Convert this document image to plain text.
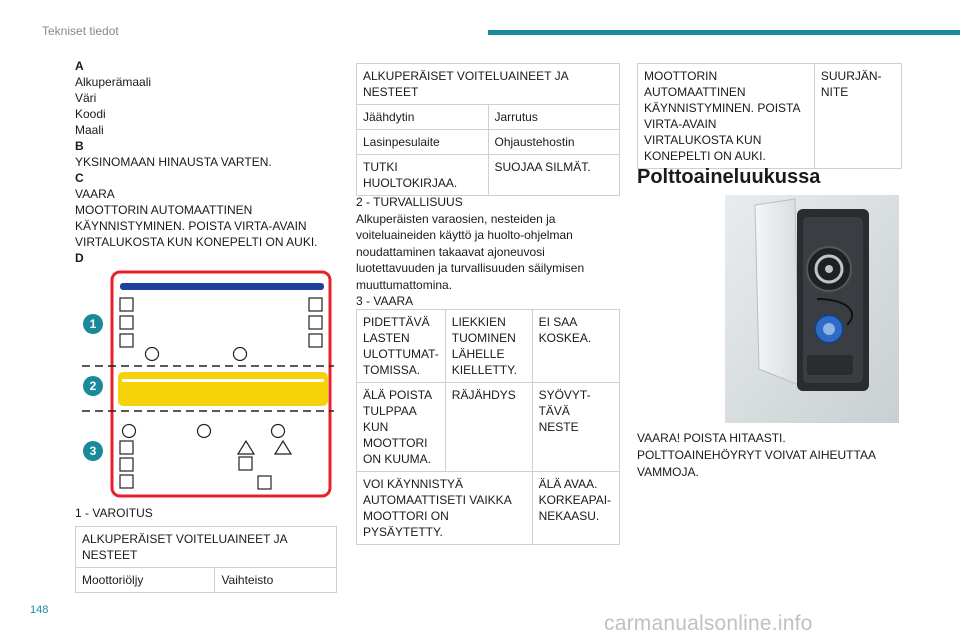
Tekniset tiedot
A
Alkuperämaali
Väri
Koodi
Maali
B
YKSINOMAAN HINAUSTA VARTEN.
C
VAARA
MOOTTORIN AUTOMAATTINEN
KÄYNNISTYMINEN. POISTA VIRTA-AVAIN
VIRTALUKOSTA KUN KONEPELTI ON AUKI.
D
1
2
3
1 - VAROITUS
ALKUPERÄISET VOITELUAINEET JA NESTEET
Moottoriöljy	Vaihteisto
ALKUPERÄISET VOITELUAINEET JA NESTEET	
Jäähdytin	Jarrutus
Lasinpesulaite	Ohjaustehostin
TUTKI HUOLTOKIRJAA.	SUOJAA SILMÄT.
2 - TURVALLISUUS
Alkuperäisten varaosien, nesteiden ja voiteluaineiden käyttö ja huolto-ohjelman noudattaminen takaavat ajoneuvosi luotettavuuden ja turvallisuuden säilymisen muuttumattomina.
3 - VAARA
PIDETTÄVÄ LASTEN ULOTTUMAT-TOMISSA.	LIEKKIEN TUOMINEN LÄHELLE KIELLETTY.	EI SAA KOSKEA.
ÄLÄ POISTA TULPPAA KUN MOOTTORI ON KUUMA.	RÄJÄHDYS	SYÖVYT-TÄVÄ NESTE
VOI KÄYNNISTYÄ AUTOMAATTISETI VAIKKA MOOTTORI ON PYSÄYTETTY.		ÄLÄ AVAA. KORKEAPAI-NEKAASU.
MOOTTORIN AUTOMAATTINEN KÄYNNISTYMINEN. POISTA VIRTA-AVAIN VIRTALUKOSTA KUN KONEPELTI ON AUKI.	SUURJÄN-NITE
Polttoaineluukussa
VAARA! POISTA HITAASTI. POLTTOAINEHÖYRYT VOIVAT AIHEUTTAA VAMMOJA.
148
carmanualsonline.info
